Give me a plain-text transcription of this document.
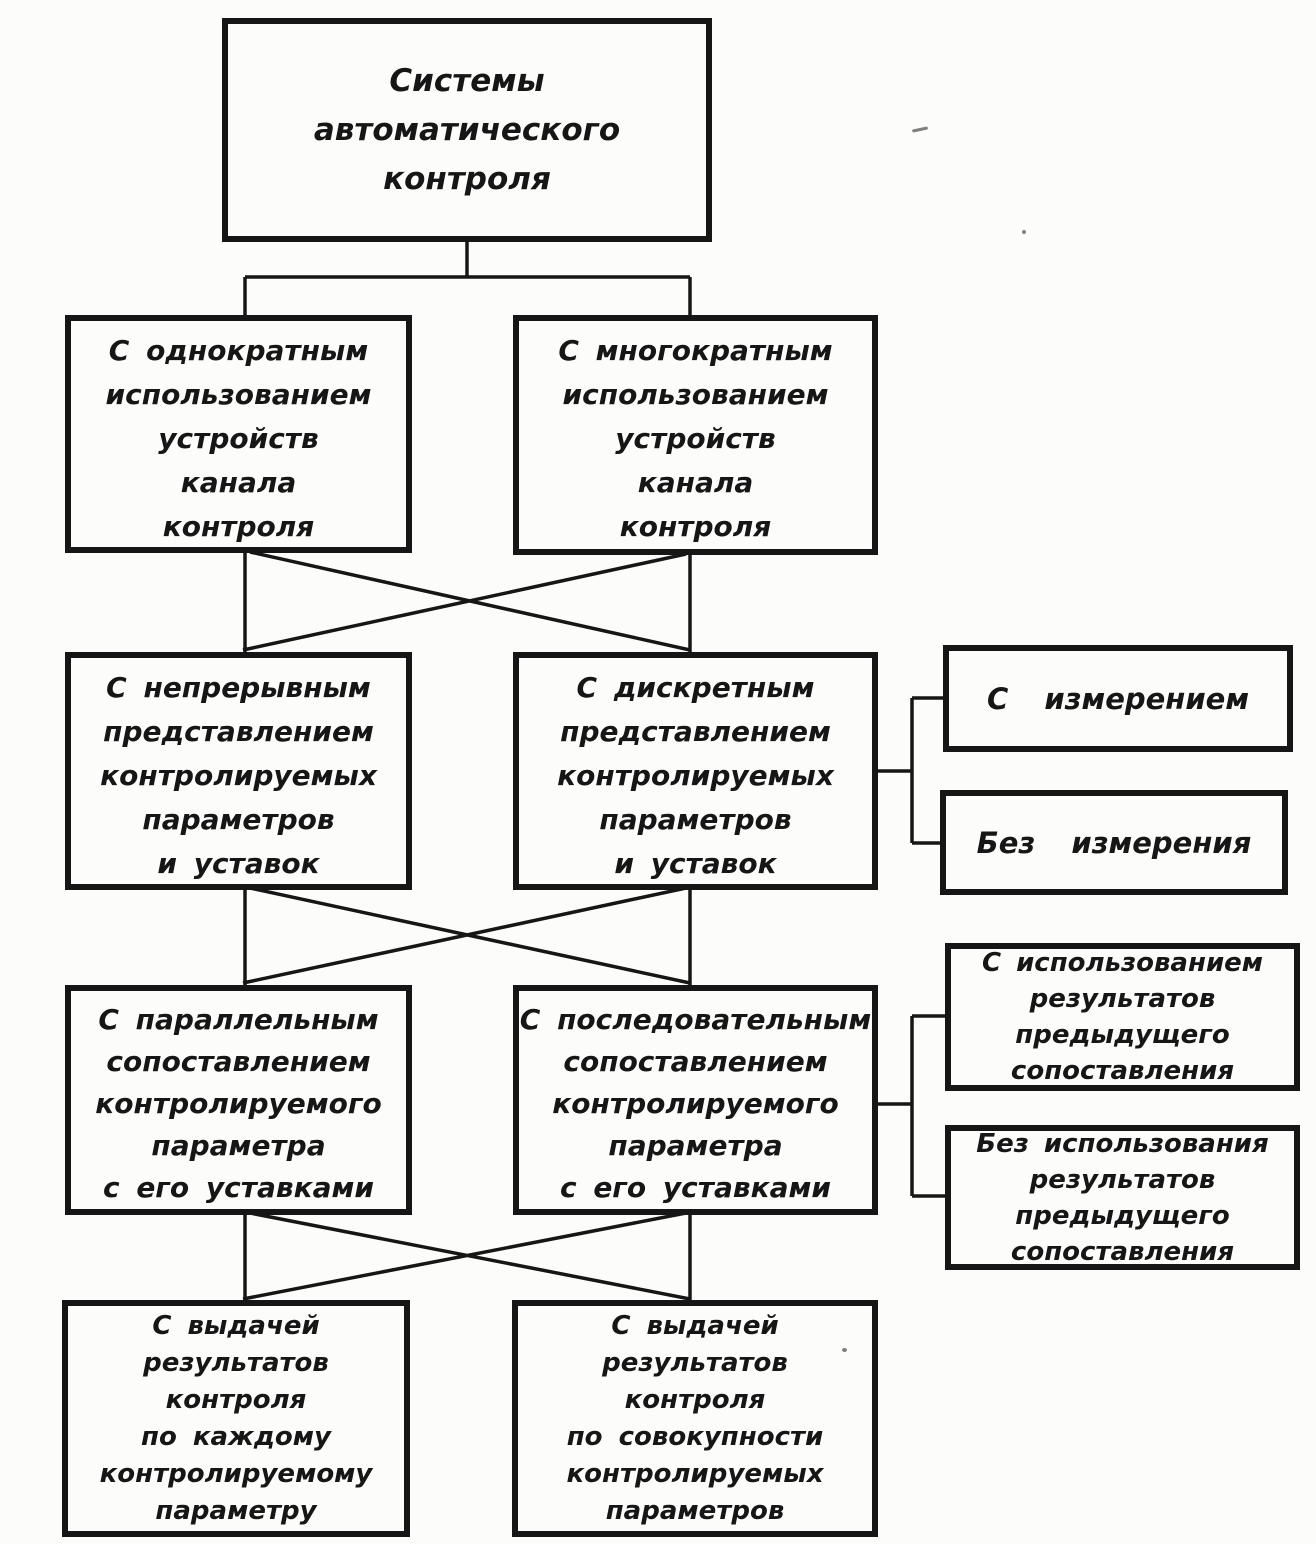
Системы
автоматического
контроля
С однократным
использованием
устройств
канала
контроля
С многократным
использованием
устройств
канала
контроля
С непрерывным
представлением
контролируемых
параметров
и уставок
С дискретным
представлением
контролируемых
параметров
и уставок
С измерением
Без измерения
С параллельным
сопоставлением
контролируемого
параметра
с его уставками
С последовательным
сопоставлением
контролируемого
параметра
с его уставками
С использованием
результатов
предыдущего
сопоставления
Без использования
результатов
предыдущего
сопоставления
С выдачей
результатов
контроля
по каждому
контролируемому
параметру
С выдачей
результатов
контроля
по совокупности
контролируемых
параметров
